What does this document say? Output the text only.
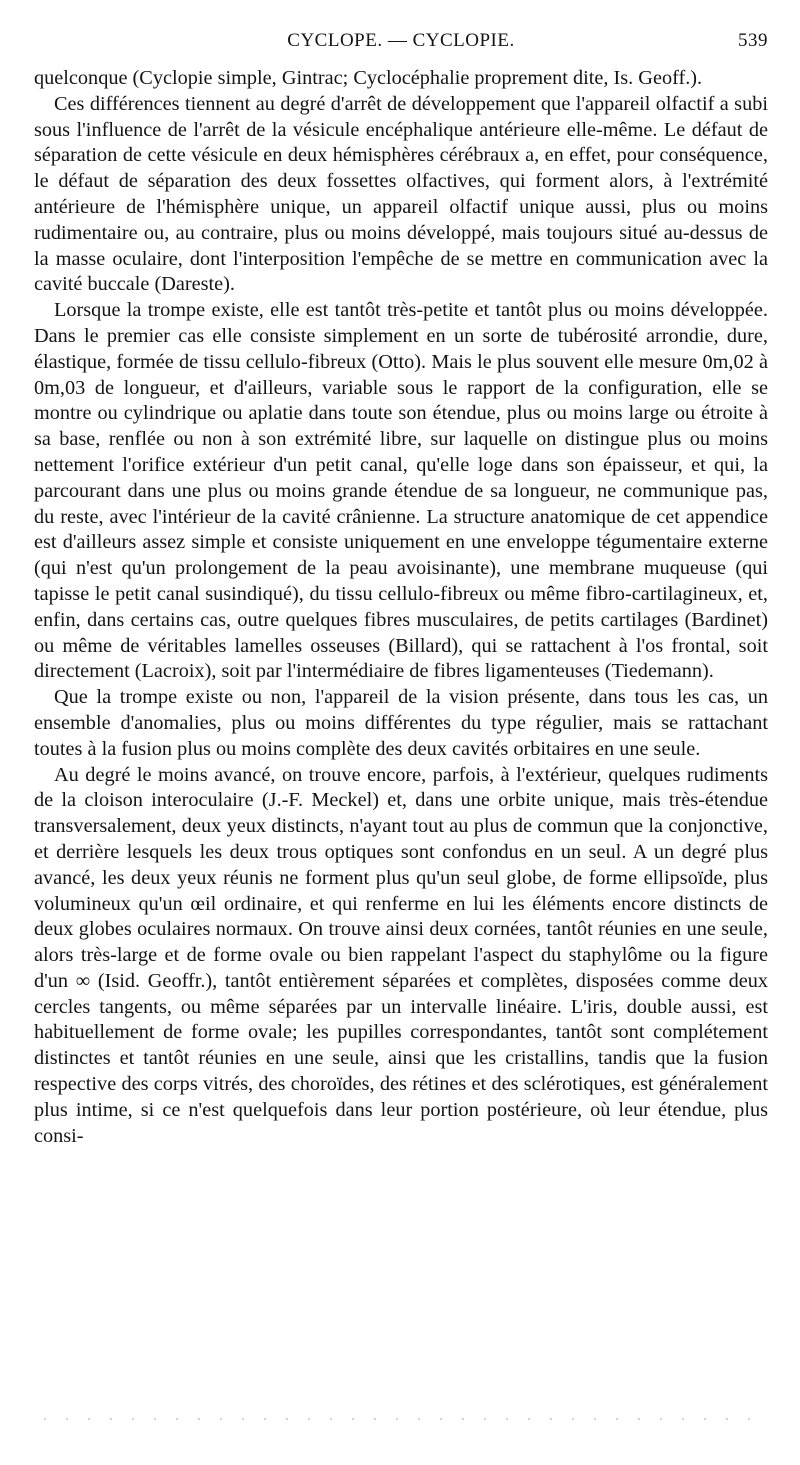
CYCLOPE. — CYCLOPIE.	539

quelconque (Cyclopie simple, Gintrac; Cyclocéphalie proprement dite, Is. Geoff.).

Ces différences tiennent au degré d'arrêt de développement que l'appareil olfactif a subi sous l'influence de l'arrêt de la vésicule encéphalique antérieure elle-même. Le défaut de séparation de cette vésicule en deux hémisphères cérébraux a, en effet, pour conséquence, le défaut de séparation des deux fossettes olfactives, qui forment alors, à l'extrémité antérieure de l'hémisphère unique, un appareil olfactif unique aussi, plus ou moins rudimentaire ou, au contraire, plus ou moins développé, mais toujours situé au-dessus de la masse oculaire, dont l'interposition l'empêche de se mettre en communication avec la cavité buccale (Dareste).

Lorsque la trompe existe, elle est tantôt très-petite et tantôt plus ou moins développée. Dans le premier cas elle consiste simplement en un sorte de tubérosité arrondie, dure, élastique, formée de tissu cellulo-fibreux (Otto). Mais le plus souvent elle mesure 0m,02 à 0m,03 de longueur, et d'ailleurs, variable sous le rapport de la configuration, elle se montre ou cylindrique ou aplatie dans toute son étendue, plus ou moins large ou étroite à sa base, renflée ou non à son extrémité libre, sur laquelle on distingue plus ou moins nettement l'orifice extérieur d'un petit canal, qu'elle loge dans son épaisseur, et qui, la parcourant dans une plus ou moins grande étendue de sa longueur, ne communique pas, du reste, avec l'intérieur de la cavité crânienne. La structure anatomique de cet appendice est d'ailleurs assez simple et consiste uniquement en une enveloppe tégumentaire externe (qui n'est qu'un prolongement de la peau avoisinante), une membrane muqueuse (qui tapisse le petit canal susindiqué), du tissu cellulo-fibreux ou même fibro-cartilagineux, et, enfin, dans certains cas, outre quelques fibres musculaires, de petits cartilages (Bardinet) ou même de véritables lamelles osseuses (Billard), qui se rattachent à l'os frontal, soit directement (Lacroix), soit par l'intermédiaire de fibres ligamenteuses (Tiedemann).

Que la trompe existe ou non, l'appareil de la vision présente, dans tous les cas, un ensemble d'anomalies, plus ou moins différentes du type régulier, mais se rattachant toutes à la fusion plus ou moins complète des deux cavités orbitaires en une seule.

Au degré le moins avancé, on trouve encore, parfois, à l'extérieur, quelques rudiments de la cloison interoculaire (J.-F. Meckel) et, dans une orbite unique, mais très-étendue transversalement, deux yeux distincts, n'ayant tout au plus de commun que la conjonctive, et derrière lesquels les deux trous optiques sont confondus en un seul. A un degré plus avancé, les deux yeux réunis ne forment plus qu'un seul globe, de forme ellipsoïde, plus volumineux qu'un œil ordinaire, et qui renferme en lui les éléments encore distincts de deux globes oculaires normaux. On trouve ainsi deux cornées, tantôt réunies en une seule, alors très-large et de forme ovale ou bien rappelant l'aspect du staphylôme ou la figure d'un ∞ (Isid. Geoffr.), tantôt entièrement séparées et complètes, disposées comme deux cercles tangents, ou même séparées par un intervalle linéaire. L'iris, double aussi, est habituellement de forme ovale; les pupilles correspondantes, tantôt sont complétement distinctes et tantôt réunies en une seule, ainsi que les cristallins, tandis que la fusion respective des corps vitrés, des choroïdes, des rétines et des sclérotiques, est généralement plus intime, si ce n'est quelquefois dans leur portion postérieure, où leur étendue, plus consi-
